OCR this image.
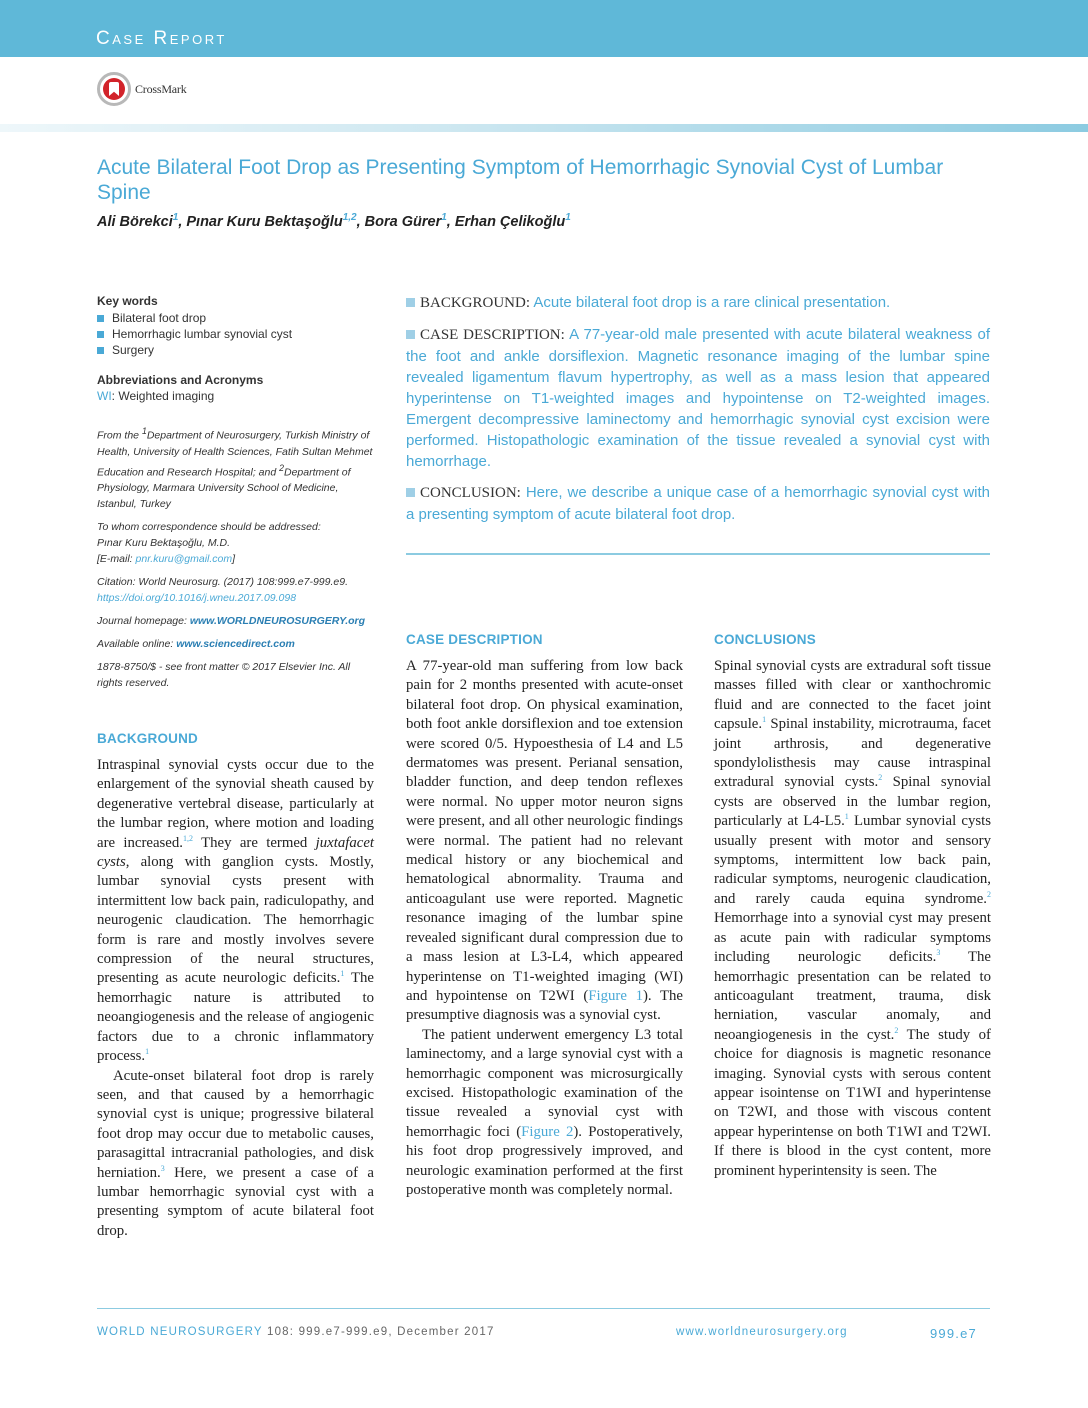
Case Report
CrossMark
Acute Bilateral Foot Drop as Presenting Symptom of Hemorrhagic Synovial Cyst of Lumbar Spine
Ali Börekci$^1$, Pınar Kuru Bektaşoğlu$^{1,2}$, Bora Gürer$^1$, Erhan Çelikoğlu$^1$
Key words
Bilateral foot drop
Hemorrhagic lumbar synovial cyst
Surgery
Abbreviations and Acronyms
WI: Weighted imaging

From the $^1$Department of Neurosurgery, Turkish Ministry of Health, University of Health Sciences, Fatih Sultan Mehmet Education and Research Hospital; and $^2$Department of Physiology, Marmara University School of Medicine, Istanbul, Turkey

To whom correspondence should be addressed:
Pınar Kuru Bektaşoğlu, M.D.
[E-mail: pnr.kuru@gmail.com]

Citation: World Neurosurg. (2017) 108:999.e7-999.e9.
https://doi.org/10.1016/j.wneu.2017.09.098

Journal homepage: www.WORLDNEUROSURGERY.org

Available online: www.sciencedirect.com

1878-8750/$ - see front matter © 2017 Elsevier Inc. All rights reserved.

BACKGROUND: Acute bilateral foot drop is a rare clinical presentation.

CASE DESCRIPTION: A 77-year-old male presented with acute bilateral weakness of the foot and ankle dorsiflexion. Magnetic resonance imaging of the lumbar spine revealed ligamentum flavum hypertrophy, as well as a mass lesion that appeared hyperintense on T1-weighted images and hypointense on T2-weighted images. Emergent decompressive laminectomy and hemorrhagic synovial cyst excision were performed. Histopathologic examination of the tissue revealed a synovial cyst with hemorrhage.

CONCLUSION: Here, we describe a unique case of a hemorrhagic synovial cyst with a presenting symptom of acute bilateral foot drop.

BACKGROUND

Intraspinal synovial cysts occur due to the enlargement of the synovial sheath caused by degenerative vertebral disease, particularly at the lumbar region, where motion and loading are increased.$^{1,2}$ They are termed juxtafacet cysts, along with ganglion cysts. Mostly, lumbar synovial cysts present with intermittent low back pain, radiculopathy, and neurogenic claudication. The hemorrhagic form is rare and mostly involves severe compression of the neural structures, presenting as acute neurologic deficits.$^1$ The hemorrhagic nature is attributed to neoangiogenesis and the release of angiogenic factors due to a chronic inflammatory process.$^1$

Acute-onset bilateral foot drop is rarely seen, and that caused by a hemorrhagic synovial cyst is unique; progressive bilateral foot drop may occur due to metabolic causes, parasagittal intracranial pathologies, and disk herniation.$^3$ Here, we present a case of a lumbar hemorrhagic synovial cyst with a presenting symptom of acute bilateral foot drop.

CASE DESCRIPTION

A 77-year-old man suffering from low back pain for 2 months presented with acute-onset bilateral foot drop. On physical examination, both foot ankle dorsiflexion and toe extension were scored 0/5. Hypoesthesia of L4 and L5 dermatomes was present. Perianal sensation, bladder function, and deep tendon reflexes were normal. No upper motor neuron signs were present, and all other neurologic findings were normal. The patient had no relevant medical history or any biochemical and hematological abnormality. Trauma and anticoagulant use were reported. Magnetic resonance imaging of the lumbar spine revealed significant dural compression due to a mass lesion at L3-L4, which appeared hyperintense on T1-weighted imaging (WI) and hypointense on T2WI (Figure 1). The presumptive diagnosis was a synovial cyst.

The patient underwent emergency L3 total laminectomy, and a large synovial cyst with a hemorrhagic component was microsurgically excised. Histopathologic examination of the tissue revealed a synovial cyst with hemorrhagic foci (Figure 2). Postoperatively, his foot drop progressively improved, and neurologic examination performed at the first postoperative month was completely normal.

CONCLUSIONS

Spinal synovial cysts are extradural soft tissue masses filled with clear or xanthochromic fluid and are connected to the facet joint capsule.$^1$ Spinal instability, microtrauma, facet joint arthrosis, and degenerative spondylolisthesis may cause intraspinal extradural synovial cysts.$^2$ Spinal synovial cysts are observed in the lumbar region, particularly at L4-L5.$^1$ Lumbar synovial cysts usually present with motor and sensory symptoms, intermittent low back pain, radicular symptoms, neurogenic claudication, and rarely cauda equina syndrome.$^2$ Hemorrhage into a synovial cyst may present as acute pain with radicular symptoms including neurologic deficits.$^3$ The hemorrhagic presentation can be related to anticoagulant treatment, trauma, disk herniation, vascular anomaly, and neoangiogenesis in the cyst.$^2$ The study of choice for diagnosis is magnetic resonance imaging. Synovial cysts with serous content appear isointense on T1WI and hyperintense on T2WI, and those with viscous content appear hyperintense on both T1WI and T2WI. If there is blood in the cyst content, more prominent hyperintensity is seen. The

WORLD NEUROSURGERY 108: 999.e7-999.e9, December 2017	www.worldneurosurgery.org	999.e7
